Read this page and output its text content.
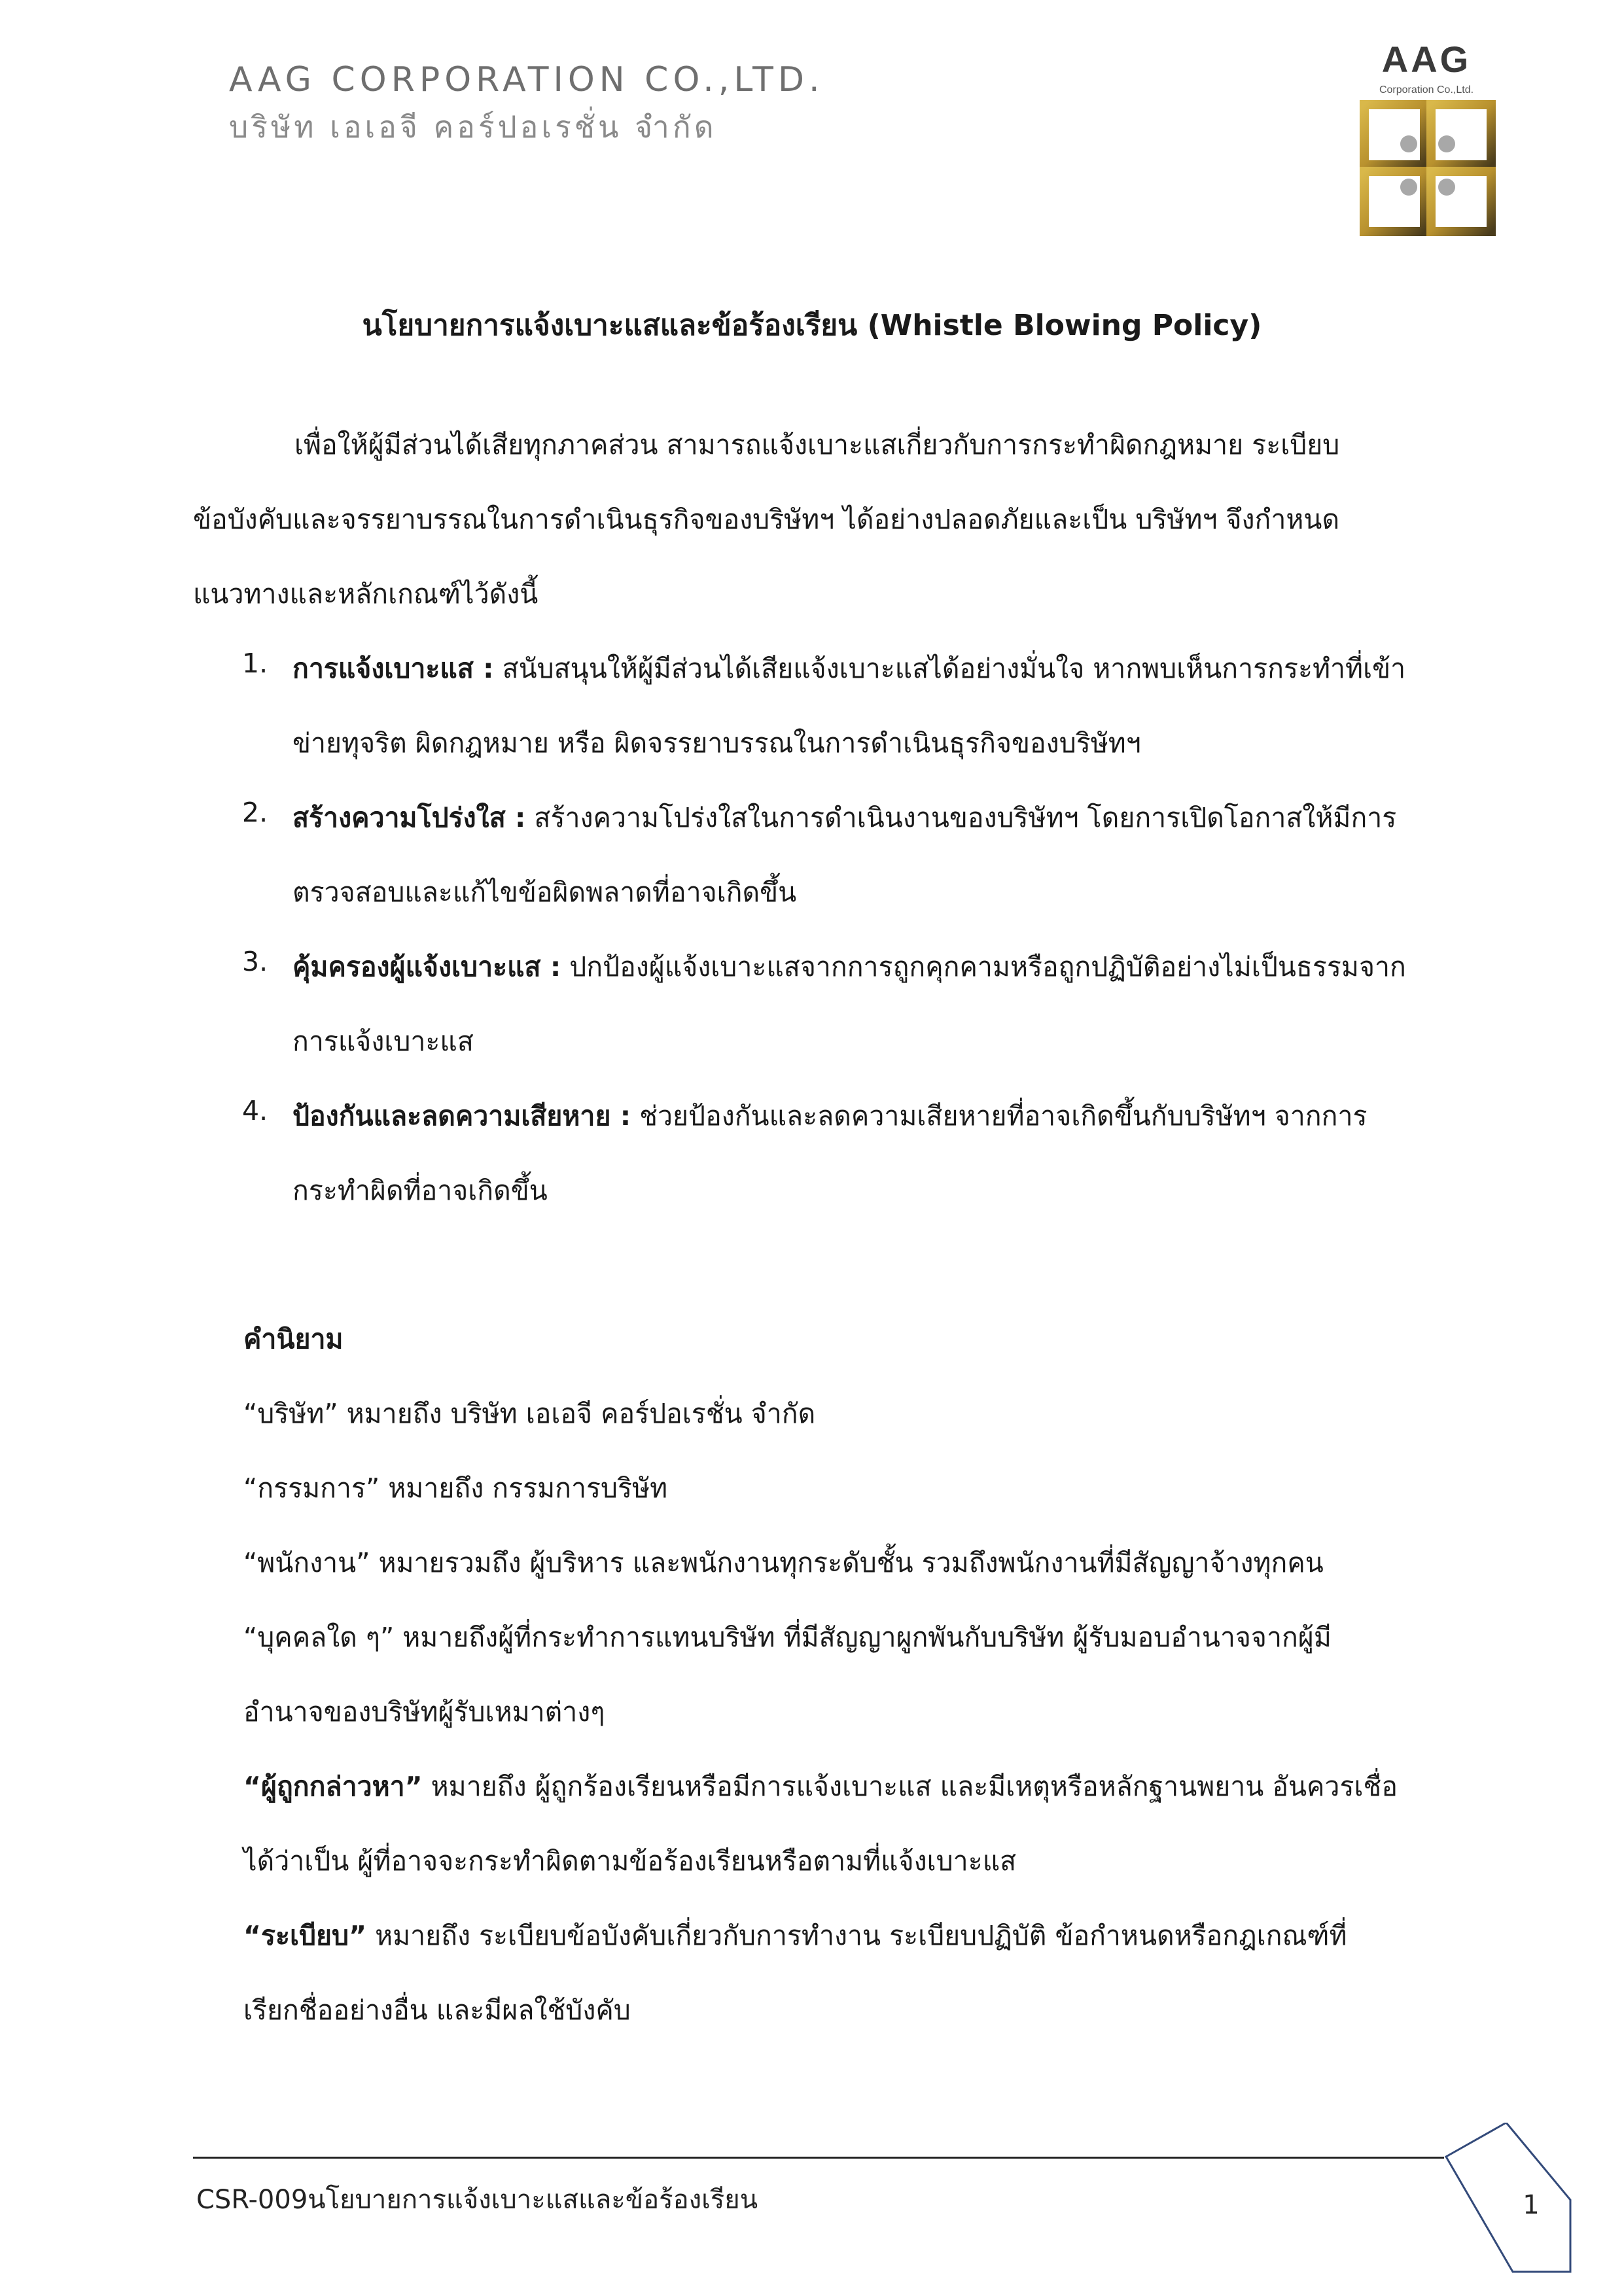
AAG CORPORATION CO.,LTD.
บริษัท เอเอจี คอร์ปอเรชั่น จำกัด
AAG
Corporation Co.,Ltd.
นโยบายการแจ้งเบาะแสและข้อร้องเรียน (Whistle Blowing Policy)
เพื่อให้ผู้มีส่วนได้เสียทุกภาคส่วน สามารถแจ้งเบาะแสเกี่ยวกับการกระทำผิดกฎหมาย ระเบียบ
ข้อบังคับและจรรยาบรรณในการดำเนินธุรกิจของบริษัทฯ ได้อย่างปลอดภัยและเป็น บริษัทฯ จึงกำหนด
แนวทางและหลักเกณฑ์ไว้ดังนี้
1. การแจ้งเบาะแส : สนับสนุนให้ผู้มีส่วนได้เสียแจ้งเบาะแสได้อย่างมั่นใจ หากพบเห็นการกระทำที่เข้า
ข่ายทุจริต ผิดกฎหมาย หรือ ผิดจรรยาบรรณในการดำเนินธุรกิจของบริษัทฯ
2. สร้างความโปร่งใส : สร้างความโปร่งใสในการดำเนินงานของบริษัทฯ โดยการเปิดโอกาสให้มีการ
ตรวจสอบและแก้ไขข้อผิดพลาดที่อาจเกิดขึ้น
3. คุ้มครองผู้แจ้งเบาะแส : ปกป้องผู้แจ้งเบาะแสจากการถูกคุกคามหรือถูกปฏิบัติอย่างไม่เป็นธรรมจาก
การแจ้งเบาะแส
4. ป้องกันและลดความเสียหาย : ช่วยป้องกันและลดความเสียหายที่อาจเกิดขึ้นกับบริษัทฯ จากการ
กระทำผิดที่อาจเกิดขึ้น
คำนิยาม
“บริษัท” หมายถึง บริษัท เอเอจี คอร์ปอเรชั่น จำกัด
“กรรมการ” หมายถึง กรรมการบริษัท
“พนักงาน” หมายรวมถึง ผู้บริหาร และพนักงานทุกระดับชั้น รวมถึงพนักงานที่มีสัญญาจ้างทุกคน
“บุคคลใด ๆ” หมายถึงผู้ที่กระทำการแทนบริษัท ที่มีสัญญาผูกพันกับบริษัท ผู้รับมอบอำนาจจากผู้มี
อำนาจของบริษัทผู้รับเหมาต่างๆ
“ผู้ถูกกล่าวหา” หมายถึง ผู้ถูกร้องเรียนหรือมีการแจ้งเบาะแส และมีเหตุหรือหลักฐานพยาน อันควรเชื่อ
ได้ว่าเป็น ผู้ที่อาจจะกระทำผิดตามข้อร้องเรียนหรือตามที่แจ้งเบาะแส
“ระเบียบ” หมายถึง ระเบียบข้อบังคับเกี่ยวกับการทำงาน ระเบียบปฏิบัติ ข้อกำหนดหรือกฎเกณฑ์ที่
เรียกชื่ออย่างอื่น และมีผลใช้บังคับ
CSR-009นโยบายการแจ้งเบาะแสและข้อร้องเรียน	1
